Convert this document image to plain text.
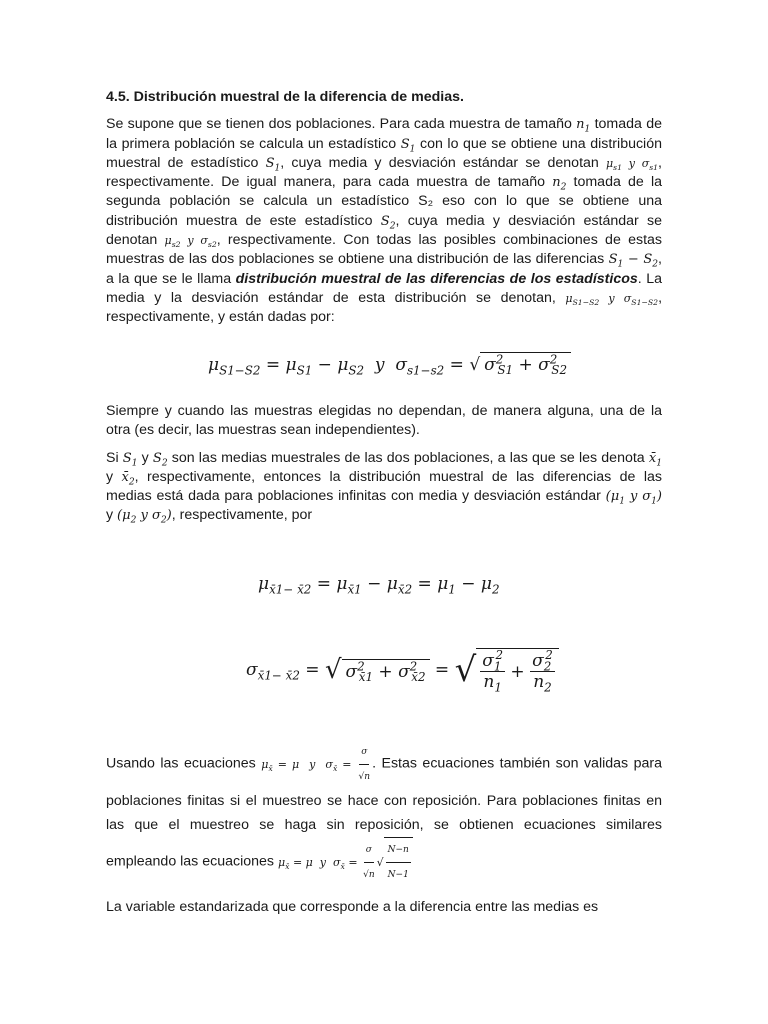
4.5. Distribución muestral de la diferencia de medias.
Se supone que se tienen dos poblaciones. Para cada muestra de tamaño $n_1$ tomada de la primera población se calcula un estadístico $S_1$ con lo que se obtiene una distribución muestral de estadístico $S_1$, cuya media y desviación estándar se denotan $\mu_{s1}$ y $\sigma_{s1}$, respectivamente. De igual manera, para cada muestra de tamaño $n_2$ tomada de la segunda población se calcula un estadístico S₂ eso con lo que se obtiene una distribución muestra de este estadístico $S_2$, cuya media y desviación estándar se denotan $\mu_{s2}$ y $\sigma_{s2}$, respectivamente. Con todas las posibles combinaciones de estas muestras de las dos poblaciones se obtiene una distribución de las diferencias $S_1 - S_2$, a la que se le llama distribución muestral de las diferencias de los estadísticos. La media y la desviación estándar de esta distribución se denotan, $\mu_{S1-S2}$ y $\sigma_{S1-S2}$, respectivamente, y están dadas por:
$\mu_{S1-S2} = \mu_{S1} - \mu_{S2}$  y  $\sigma_{s1-s2}$ = √ $\sigma^2_{S1} + \sigma^2_{S2}$
Siempre y cuando las muestras elegidas no dependan, de manera alguna, una de la otra (es decir, las muestras sean independientes).
Si $S_1$ y $S_2$ son las medias muestrales de las dos poblaciones, a las que se les denota $x̄_1$ y $x̄_2$, respectivamente, entonces la distribución muestral de las diferencias de las medias está dada para poblaciones infinitas con media y desviación estándar ($\mu_1$ y $\sigma_1$) y ($\mu_2$ y $\sigma_2$), respectivamente, por
$\mu_{x̄1- x̄2} = \mu_{x̄1} - \mu_{x̄2} = \mu_1 - \mu_2$
$\sigma_{x̄1- x̄2}$ = √ $\sigma^2_{x̄1} + \sigma^2_{x̄2}$ = √ $\frac{\sigma_1^2}{n_1} + \frac{\sigma_2^2}{n_2}$
Usando las ecuaciones $\mu_{x̄} = \mu$  y  $\sigma_{x̄} = \frac{\sigma}{√n}$ . Estas ecuaciones también son validas para poblaciones finitas si el muestreo se hace con reposición. Para poblaciones finitas en las que el muestreo se haga sin reposición, se obtienen ecuaciones similares empleando las ecuaciones $\mu_{x̄} = \mu$  y  $\sigma_{x̄} = \frac{\sigma}{√n}$ √ $\frac{N-n}{N-1}$
La variable estandarizada que corresponde a la diferencia entre las medias es
